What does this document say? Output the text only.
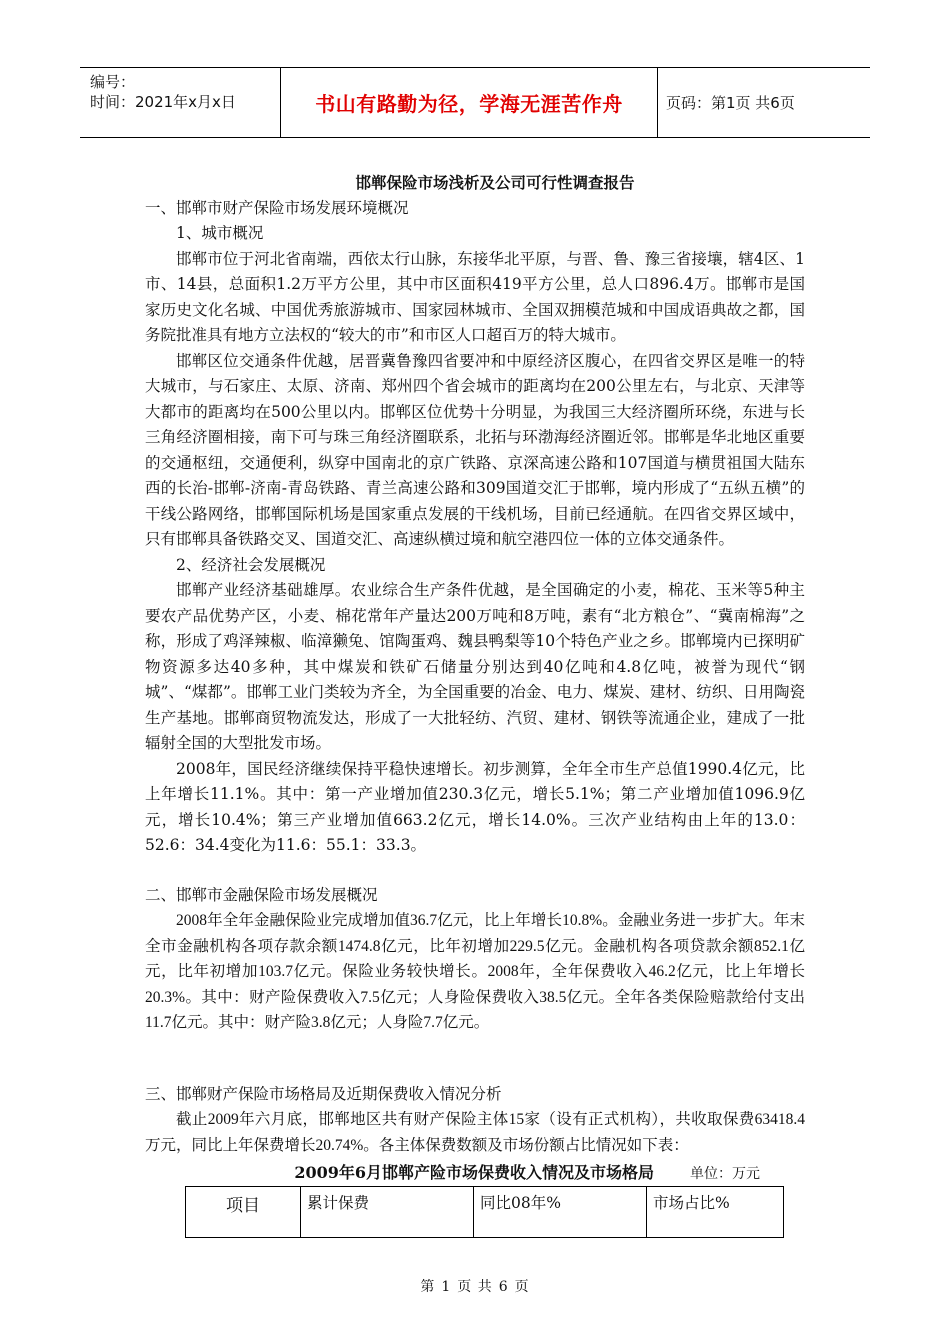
编号：
时间：2021年x月x日	书山有路勤为径，学海无涯苦作舟	页码：第1页 共6页

邯郸保险市场浅析及公司可行性调查报告

一、邯郸市财产保险市场发展环境概况

1、城市概况

邯郸市位于河北省南端，西依太行山脉，东接华北平原，与晋、鲁、豫三省接壤，辖4区、1市、14县，总面积1.2万平方公里，其中市区面积419平方公里，总人口896.4万。邯郸市是国家历史文化名城、中国优秀旅游城市、国家园林城市、全国双拥模范城和中国成语典故之都，国务院批准具有地方立法权的“较大的市”和市区人口超百万的特大城市。

邯郸区位交通条件优越，居晋冀鲁豫四省要冲和中原经济区腹心，在四省交界区是唯一的特大城市，与石家庄、太原、济南、郑州四个省会城市的距离均在200公里左右，与北京、天津等大都市的距离均在500公里以内。邯郸区位优势十分明显，为我国三大经济圈所环绕，东进与长三角经济圈相接，南下可与珠三角经济圈联系，北拓与环渤海经济圈近邻。邯郸是华北地区重要的交通枢纽，交通便利，纵穿中国南北的京广铁路、京深高速公路和107国道与横贯祖国大陆东西的长治-邯郸-济南-青岛铁路、青兰高速公路和309国道交汇于邯郸，境内形成了“五纵五横”的干线公路网络，邯郸国际机场是国家重点发展的干线机场，目前已经通航。在四省交界区域中，只有邯郸具备铁路交叉、国道交汇、高速纵横过境和航空港四位一体的立体交通条件。

2、经济社会发展概况

邯郸产业经济基础雄厚。农业综合生产条件优越，是全国确定的小麦，棉花、玉米等5种主要农产品优势产区，小麦、棉花常年产量达200万吨和8万吨，素有“北方粮仓”、“冀南棉海”之称，形成了鸡泽辣椒、临漳獭兔、馆陶蛋鸡、魏县鸭梨等10个特色产业之乡。邯郸境内已探明矿物资源多达40多种，其中煤炭和铁矿石储量分别达到40亿吨和4.8亿吨，被誉为现代“钢城”、“煤都”。邯郸工业门类较为齐全，为全国重要的冶金、电力、煤炭、建材、纺织、日用陶瓷生产基地。邯郸商贸物流发达，形成了一大批轻纺、汽贸、建材、钢铁等流通企业，建成了一批辐射全国的大型批发市场。

2008年，国民经济继续保持平稳快速增长。初步测算，全年全市生产总值1990.4亿元，比上年增长11.1%。其中：第一产业增加值230.3亿元，增长5.1%；第二产业增加值1096.9亿元，增长10.4%；第三产业增加值663.2亿元，增长14.0%。三次产业结构由上年的13.0：52.6：34.4变化为11.6：55.1：33.3。

二、邯郸市金融保险市场发展概况

2008年全年金融保险业完成增加值36.7亿元，比上年增长10.8%。金融业务进一步扩大。年末全市金融机构各项存款余额1474.8亿元，比年初增加229.5亿元。金融机构各项贷款余额852.1亿元，比年初增加103.7亿元。保险业务较快增长。2008年，全年保费收入46.2亿元，比上年增长20.3%。其中：财产险保费收入7.5亿元；人身险保费收入38.5亿元。全年各类保险赔款给付支出11.7亿元。其中：财产险3.8亿元；人身险7.7亿元。

三、邯郸财产保险市场格局及近期保费收入情况分析

截止2009年六月底，邯郸地区共有财产保险主体15家（设有正式机构），共收取保费63418.4万元，同比上年保费增长20.74%。各主体保费数额及市场份额占比情况如下表：

2009年6月邯郸产险市场保费收入情况及市场格局	单位：万元
项目	累计保费	同比08年%	市场占比%
第 1 页 共 6 页
